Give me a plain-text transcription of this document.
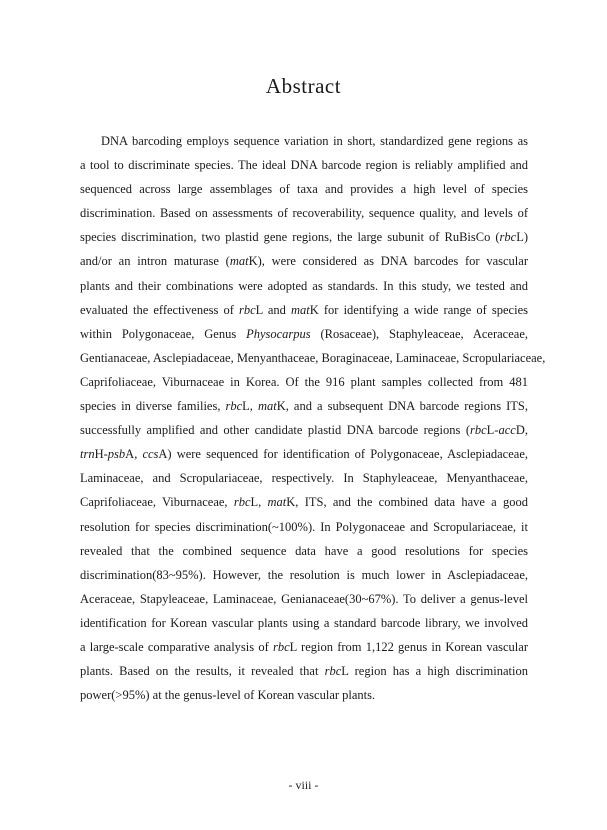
Abstract
DNA barcoding employs sequence variation in short, standardized gene regions as
a tool to discriminate species. The ideal DNA barcode region is reliably amplified and
sequenced across large assemblages of taxa and provides a high level of species
discrimination. Based on assessments of recoverability, sequence quality, and levels of
species discrimination, two plastid gene regions, the large subunit of RuBisCo (rbcL)
and/or an intron maturase (matK), were considered as DNA barcodes for vascular
plants and their combinations were adopted as standards. In this study, we tested and
evaluated the effectiveness of rbcL and matK for identifying a wide range of species
within Polygonaceae, Genus Physocarpus (Rosaceae), Staphyleaceae, Aceraceae,
Gentianaceae, Asclepiadaceae, Menyanthaceae, Boraginaceae, Laminaceae, Scropulariaceae,
Caprifoliaceae, Viburnaceae in Korea. Of the 916 plant samples collected from 481
species in diverse families, rbcL, matK, and a subsequent DNA barcode regions ITS,
successfully amplified and other candidate plastid DNA barcode regions (rbcL-accD,
trnH-psbA, ccsA) were sequenced for identification of Polygonaceae, Asclepiadaceae,
Laminaceae, and Scropulariaceae, respectively. In Staphyleaceae, Menyanthaceae,
Caprifoliaceae, Viburnaceae, rbcL, matK, ITS, and the combined data have a good
resolution for species discrimination(~100%). In Polygonaceae and Scropulariaceae, it
revealed that the combined sequence data have a good resolutions for species
discrimination(83~95%). However, the resolution is much lower in Asclepiadaceae,
Aceraceae, Stapyleaceae, Laminaceae, Genianaceae(30~67%). To deliver a genus-level
identification for Korean vascular plants using a standard barcode library, we involved
a large-scale comparative analysis of rbcL region from 1,122 genus in Korean vascular
plants. Based on the results, it revealed that rbcL region has a high discrimination
power(>95%) at the genus-level of Korean vascular plants.
- viii -
